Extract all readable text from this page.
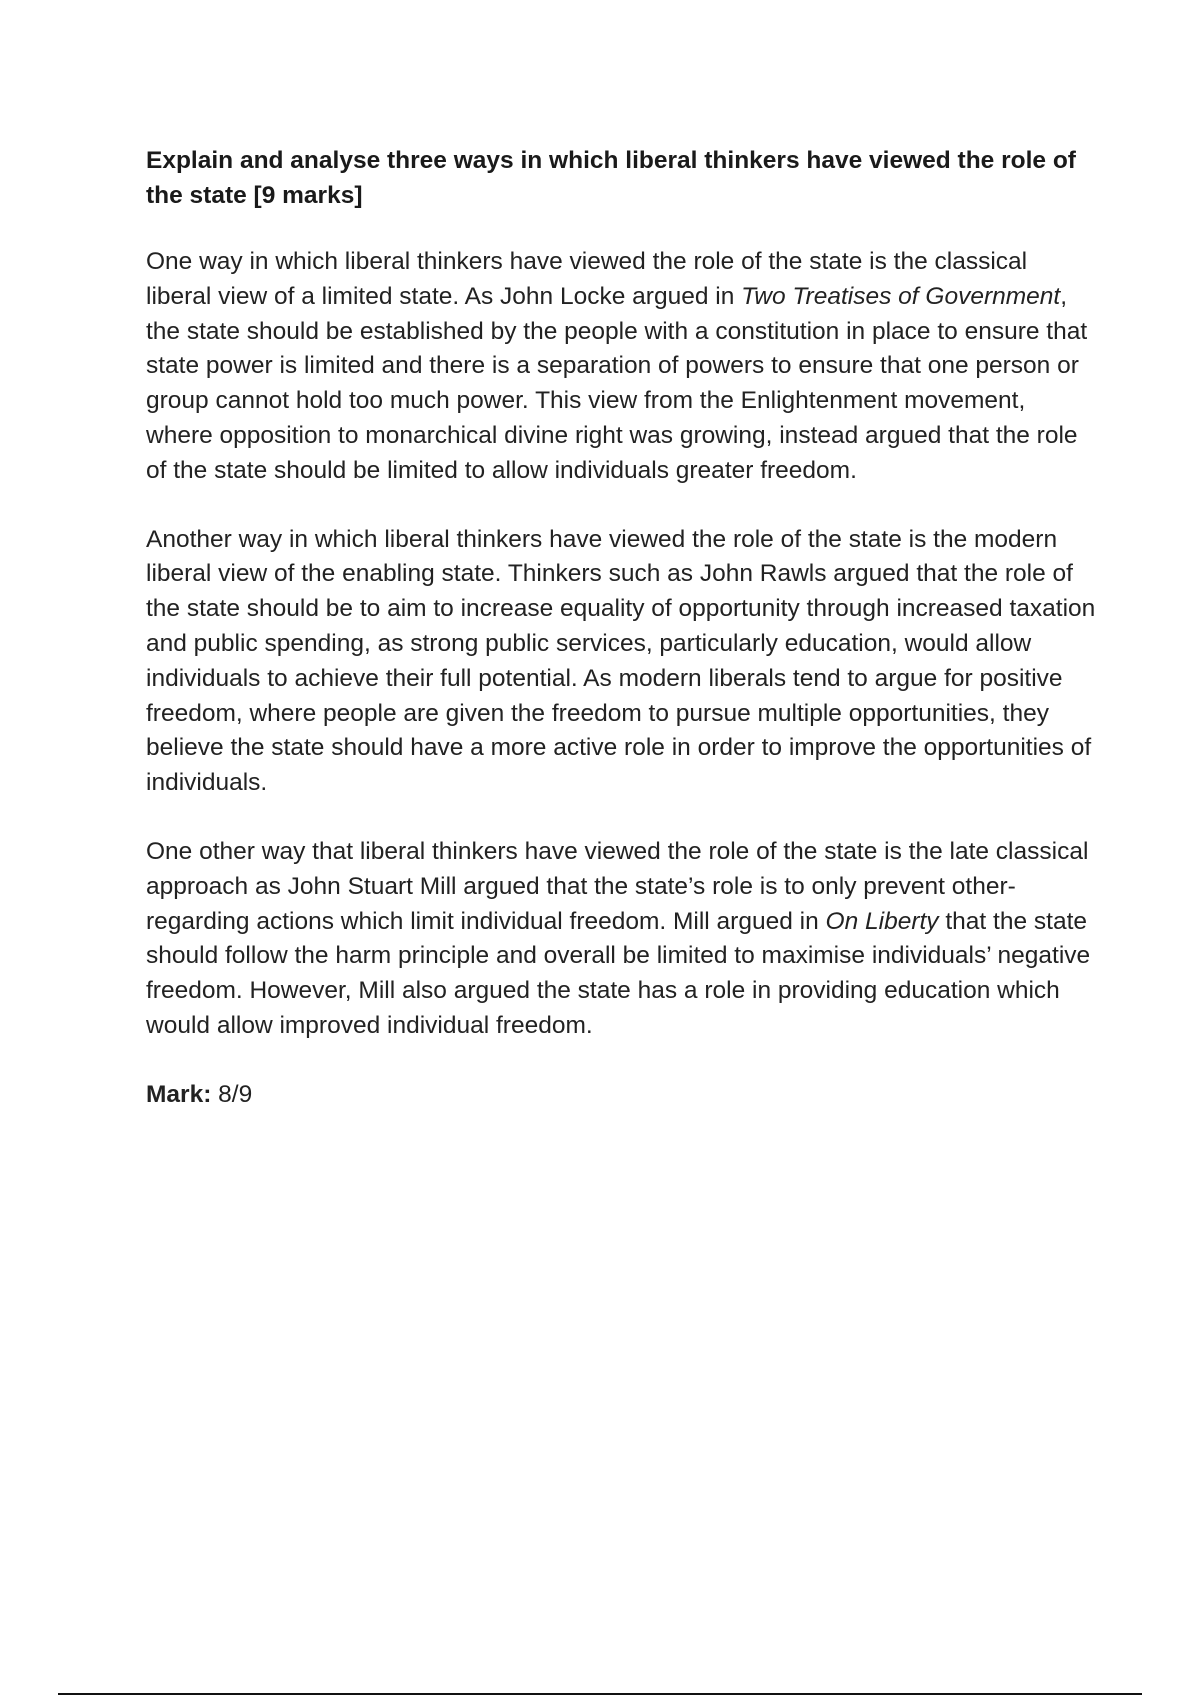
Explain and analyse three ways in which liberal thinkers have viewed the role of the state [9 marks]

One way in which liberal thinkers have viewed the role of the state is the classical liberal view of a limited state. As John Locke argued in Two Treatises of Government, the state should be established by the people with a constitution in place to ensure that state power is limited and there is a separation of powers to ensure that one person or group cannot hold too much power. This view from the Enlightenment movement, where opposition to monarchical divine right was growing, instead argued that the role of the state should be limited to allow individuals greater freedom.

Another way in which liberal thinkers have viewed the role of the state is the modern liberal view of the enabling state. Thinkers such as John Rawls argued that the role of the state should be to aim to increase equality of opportunity through increased taxation and public spending, as strong public services, particularly education, would allow individuals to achieve their full potential. As modern liberals tend to argue for positive freedom, where people are given the freedom to pursue multiple opportunities, they believe the state should have a more active role in order to improve the opportunities of individuals.

One other way that liberal thinkers have viewed the role of the state is the late classical approach as John Stuart Mill argued that the state’s role is to only prevent other-regarding actions which limit individual freedom. Mill argued in On Liberty that the state should follow the harm principle and overall be limited to maximise individuals’ negative freedom. However, Mill also argued the state has a role in providing education which would allow improved individual freedom.

Mark: 8/9
